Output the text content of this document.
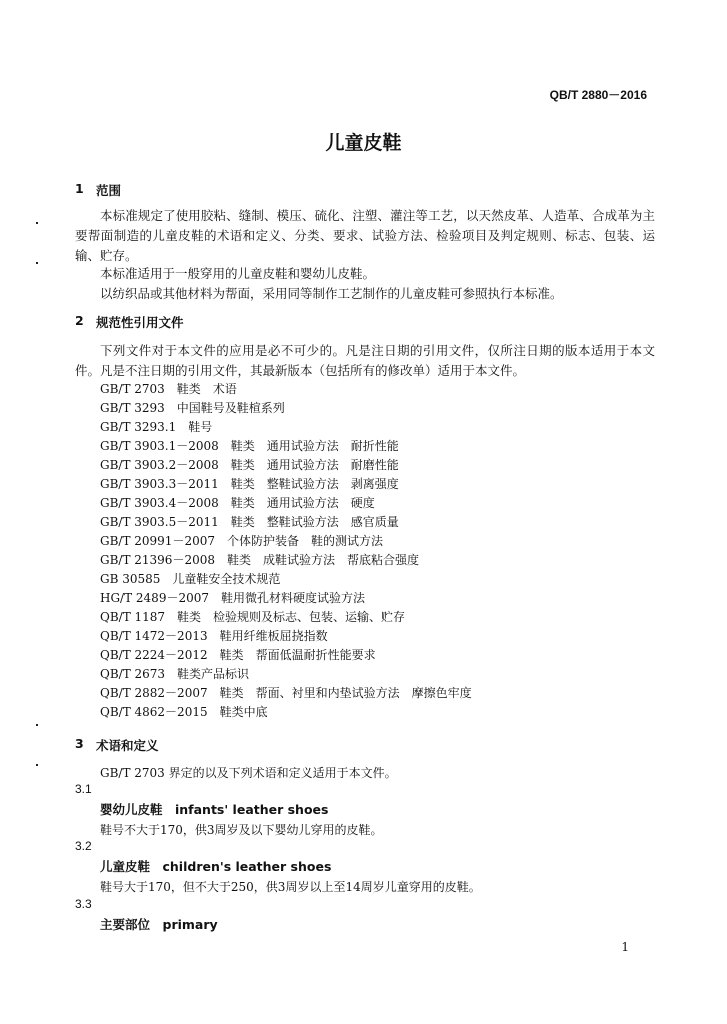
QB/T 2880－2016
儿童皮鞋
1 范围
本标准规定了使用胶粘、缝制、模压、硫化、注塑、灌注等工艺，以天然皮革、人造革、合成革为主要帮面制造的儿童皮鞋的术语和定义、分类、要求、试验方法、检验项目及判定规则、标志、包装、运输、贮存。
本标准适用于一般穿用的儿童皮鞋和婴幼儿皮鞋。
以纺织品或其他材料为帮面，采用同等制作工艺制作的儿童皮鞋可参照执行本标准。
2 规范性引用文件
下列文件对于本文件的应用是必不可少的。凡是注日期的引用文件，仅所注日期的版本适用于本文件。凡是不注日期的引用文件，其最新版本（包括所有的修改单）适用于本文件。
GB/T 2703　鞋类　术语
GB/T 3293　中国鞋号及鞋楦系列
GB/T 3293.1　鞋号
GB/T 3903.1－2008　鞋类　通用试验方法　耐折性能
GB/T 3903.2－2008　鞋类　通用试验方法　耐磨性能
GB/T 3903.3－2011　鞋类　整鞋试验方法　剥离强度
GB/T 3903.4－2008　鞋类　通用试验方法　硬度
GB/T 3903.5－2011　鞋类　整鞋试验方法　感官质量
GB/T 20991－2007　个体防护装备　鞋的测试方法
GB/T 21396－2008　鞋类　成鞋试验方法　帮底粘合强度
GB 30585　儿童鞋安全技术规范
HG/T 2489－2007　鞋用微孔材料硬度试验方法
QB/T 1187　鞋类　检验规则及标志、包装、运输、贮存
QB/T 1472－2013　鞋用纤维板屈挠指数
QB/T 2224－2012　鞋类　帮面低温耐折性能要求
QB/T 2673　鞋类产品标识
QB/T 2882－2007　鞋类　帮面、衬里和内垫试验方法　摩擦色牢度
QB/T 4862－2015　鞋类中底
3 术语和定义
GB/T 2703 界定的以及下列术语和定义适用于本文件。
3.1
婴幼儿皮鞋　infants' leather shoes
鞋号不大于170，供3周岁及以下婴幼儿穿用的皮鞋。
3.2
儿童皮鞋　children's leather shoes
鞋号大于170，但不大于250，供3周岁以上至14周岁儿童穿用的皮鞋。
3.3
主要部位　primary
1
